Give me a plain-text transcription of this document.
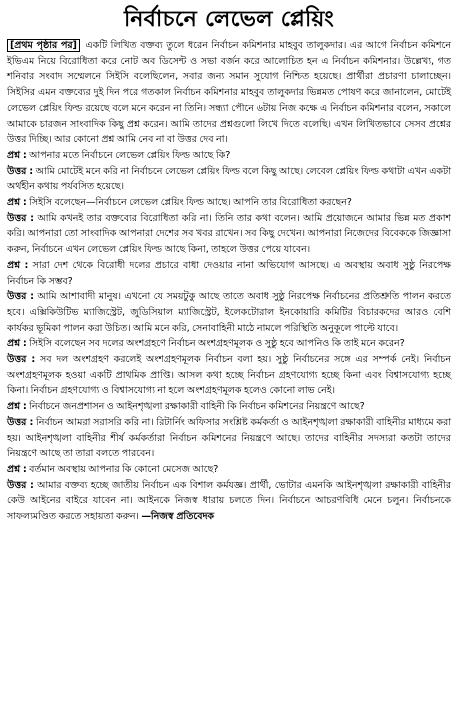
নির্বাচনে লেভেল প্লেয়িং
[প্রথম পৃষ্ঠার পর] একটি লিখিত বক্তব্য তুলে ধরেন নির্বাচন কমিশনার মাহবুব তালুকদার। এর আগে নির্বাচন কমিশনে ইভিএম নিয়ে বিরোধিতা করে নোট অব ডিসেন্ট ও সভা বর্জন করে আলোচিত হন এ নির্বাচন কমিশনার। উল্লেখ্য, গত শনিবার সংবাদ সম্মেলনে সিইসি বলেছিলেন, সবার জন্য সমান সুযোগ নিশ্চিত হয়েছে। প্রার্থীরা প্রচারণা চালাচ্ছেন। সিইসির এমন বক্তব্যের দুই দিন পরে গতকাল নির্বাচন কমিশনার মাহবুব তালুকদার ভিন্নমত পোষণ করে জানালেন, মোটেই লেভেল প্লেয়িং ফিল্ড রয়েছে বলে মনে করেন না তিনি। সন্ধ্যা পৌনে ৬টায় নিজ কক্ষে এ নির্বাচন কমিশনার বলেন, সকালে আমাকে চারজন সাংবাদিক কিছু প্রশ্ন করেন। আমি তাদের প্রশ্নগুলো লিখে দিতে বলেছি। এখন লিখিতভাবে সেসব প্রশ্নের উত্তর দিচ্ছি। আর কোনো প্রশ্ন আমি নেব না বা উত্তর দেব না।
প্রশ্ন : আপনার মতে নির্বাচনে লেভেল প্লেয়িং ফিল্ড আছে কি?
উত্তর : আমি মোটেই মনে করি না নির্বাচনে লেভেল প্লেয়িং ফিল্ড বলে কিছু আছে। লেবেল প্লেয়িং ফিল্ড কথাটা এখন একটা অর্থহীন কথায় পর্যবসিত হয়েছে।
প্রশ্ন : সিইসি বলেছেন—নির্বাচনে লেভেল প্লেয়িং ফিল্ড আছে। আপনি তার বিরোধিতা করছেন?
উত্তর : আমি কখনই তার বক্তব্যের বিরোধিতা করি না। তিনি তার কথা বলেন। আমি প্রয়োজনে আমার ভিন্ন মত প্রকাশ করি। আপনারা তো সাংবাদিক আপনারা দেশের সব খবর রাখেন। সব কিছু দেখেন। আপনারা নিজেদের বিবেককে জিজ্ঞাসা করুন, নির্বাচনে এখন লেভেল প্লেয়িং ফিল্ড আছে কিনা, তাহলে উত্তর পেয়ে যাবেন।
প্রশ্ন : সারা দেশ থেকে বিরোধী দলের প্রচারে বাধা দেওয়ার নানা অভিযোগ আসছে। এ অবস্থায় অবাধ সুষ্ঠু নিরপেক্ষ নির্বাচন কি সম্ভব?
উত্তর : আমি আশাবাদী মানুষ। এখনো যে সময়টুকু আছে তাতে অবাধ সুষ্ঠু নিরপেক্ষ নির্বাচনের প্রতিশ্রুতি পালন করতে হবে। এক্সিকিউটিভ ম্যাজিস্ট্রেট, জুডিসিয়াল ম্যাজিস্ট্রেট, ইলেকটোরাল ইনকোয়ারি কমিটির বিচারকদের আরও বেশি কার্যকর ভূমিকা পালন করা উচিত। আমি মনে করি, সেনাবাহিনী মাঠে নামলে পরিস্থিতি অনুকূলে পাল্টে যাবে।
প্রশ্ন : সিইসি বলেছেন সব দলের অংশগ্রহণে নির্বাচন অংশগ্রহণমূলক ও সুষ্ঠু হবে আপনিও কি তাই মনে করেন?
উত্তর : সব দল অংশগ্রহণ করলেই অংশগ্রহণমূলক নির্বাচন বলা হয়। সুষ্ঠু নির্বাচনের সঙ্গে এর সম্পর্ক নেই। নির্বাচন অংশগ্রহণমূলক হওয়া একটি প্রাথমিক প্রাপ্তি। আসল কথা হচ্ছে নির্বাচন গ্রহণযোগ্য হচ্ছে কিনা এবং বিশ্বাসযোগ্য হচ্ছে কিনা। নির্বাচন গ্রহণযোগ্য ও বিশ্বাসযোগ্য না হলে অংশগ্রহণমূলক হলেও কোনো লাভ নেই।
প্রশ্ন : নির্বাচনে জনপ্রশাসন ও আইনশৃঙ্খলা রক্ষাকারী বাহিনী কি নির্বাচন কমিশনের নিয়ন্ত্রণে আছে?
উত্তর : নির্বাচন আমরা সরাসরি করি না। রিটার্নিং অফিসার সংশ্লিষ্ট কর্মকর্তা ও আইনশৃঙ্খলা রক্ষাকারী বাহিনীর মাধ্যমে করা হয়। আইনশৃঙ্খলা বাহিনীর শীর্ষ কর্মকর্তারা নির্বাচন কমিশনের নিয়ন্ত্রণে আছে। তাদের বাহিনীর সদস্যরা কতটা তাদের নিয়ন্ত্রণে আছে তা তারা বলতে পারবেন।
প্রশ্ন : বর্তমান অবস্থায় আপনার কি কোনো মেসেজ আছে?
উত্তর : আমার বক্তব্য হচ্ছে জাতীয় নির্বাচন এক বিশাল কর্মযজ্ঞ। প্রার্থী, ভোটার এমনকি আইনশৃঙ্খলা রক্ষাকারী বাহিনীর কেউ আইনের বাইরে যাবেন না। আইনকে নিজস্ব ধারায় চলতে দিন। নির্বাচনে আচরণবিধি মেনে চলুন। নির্বাচনকে সাফল্যমণ্ডিত করতে সহায়তা করুন। —নিজস্ব প্রতিবেদক
